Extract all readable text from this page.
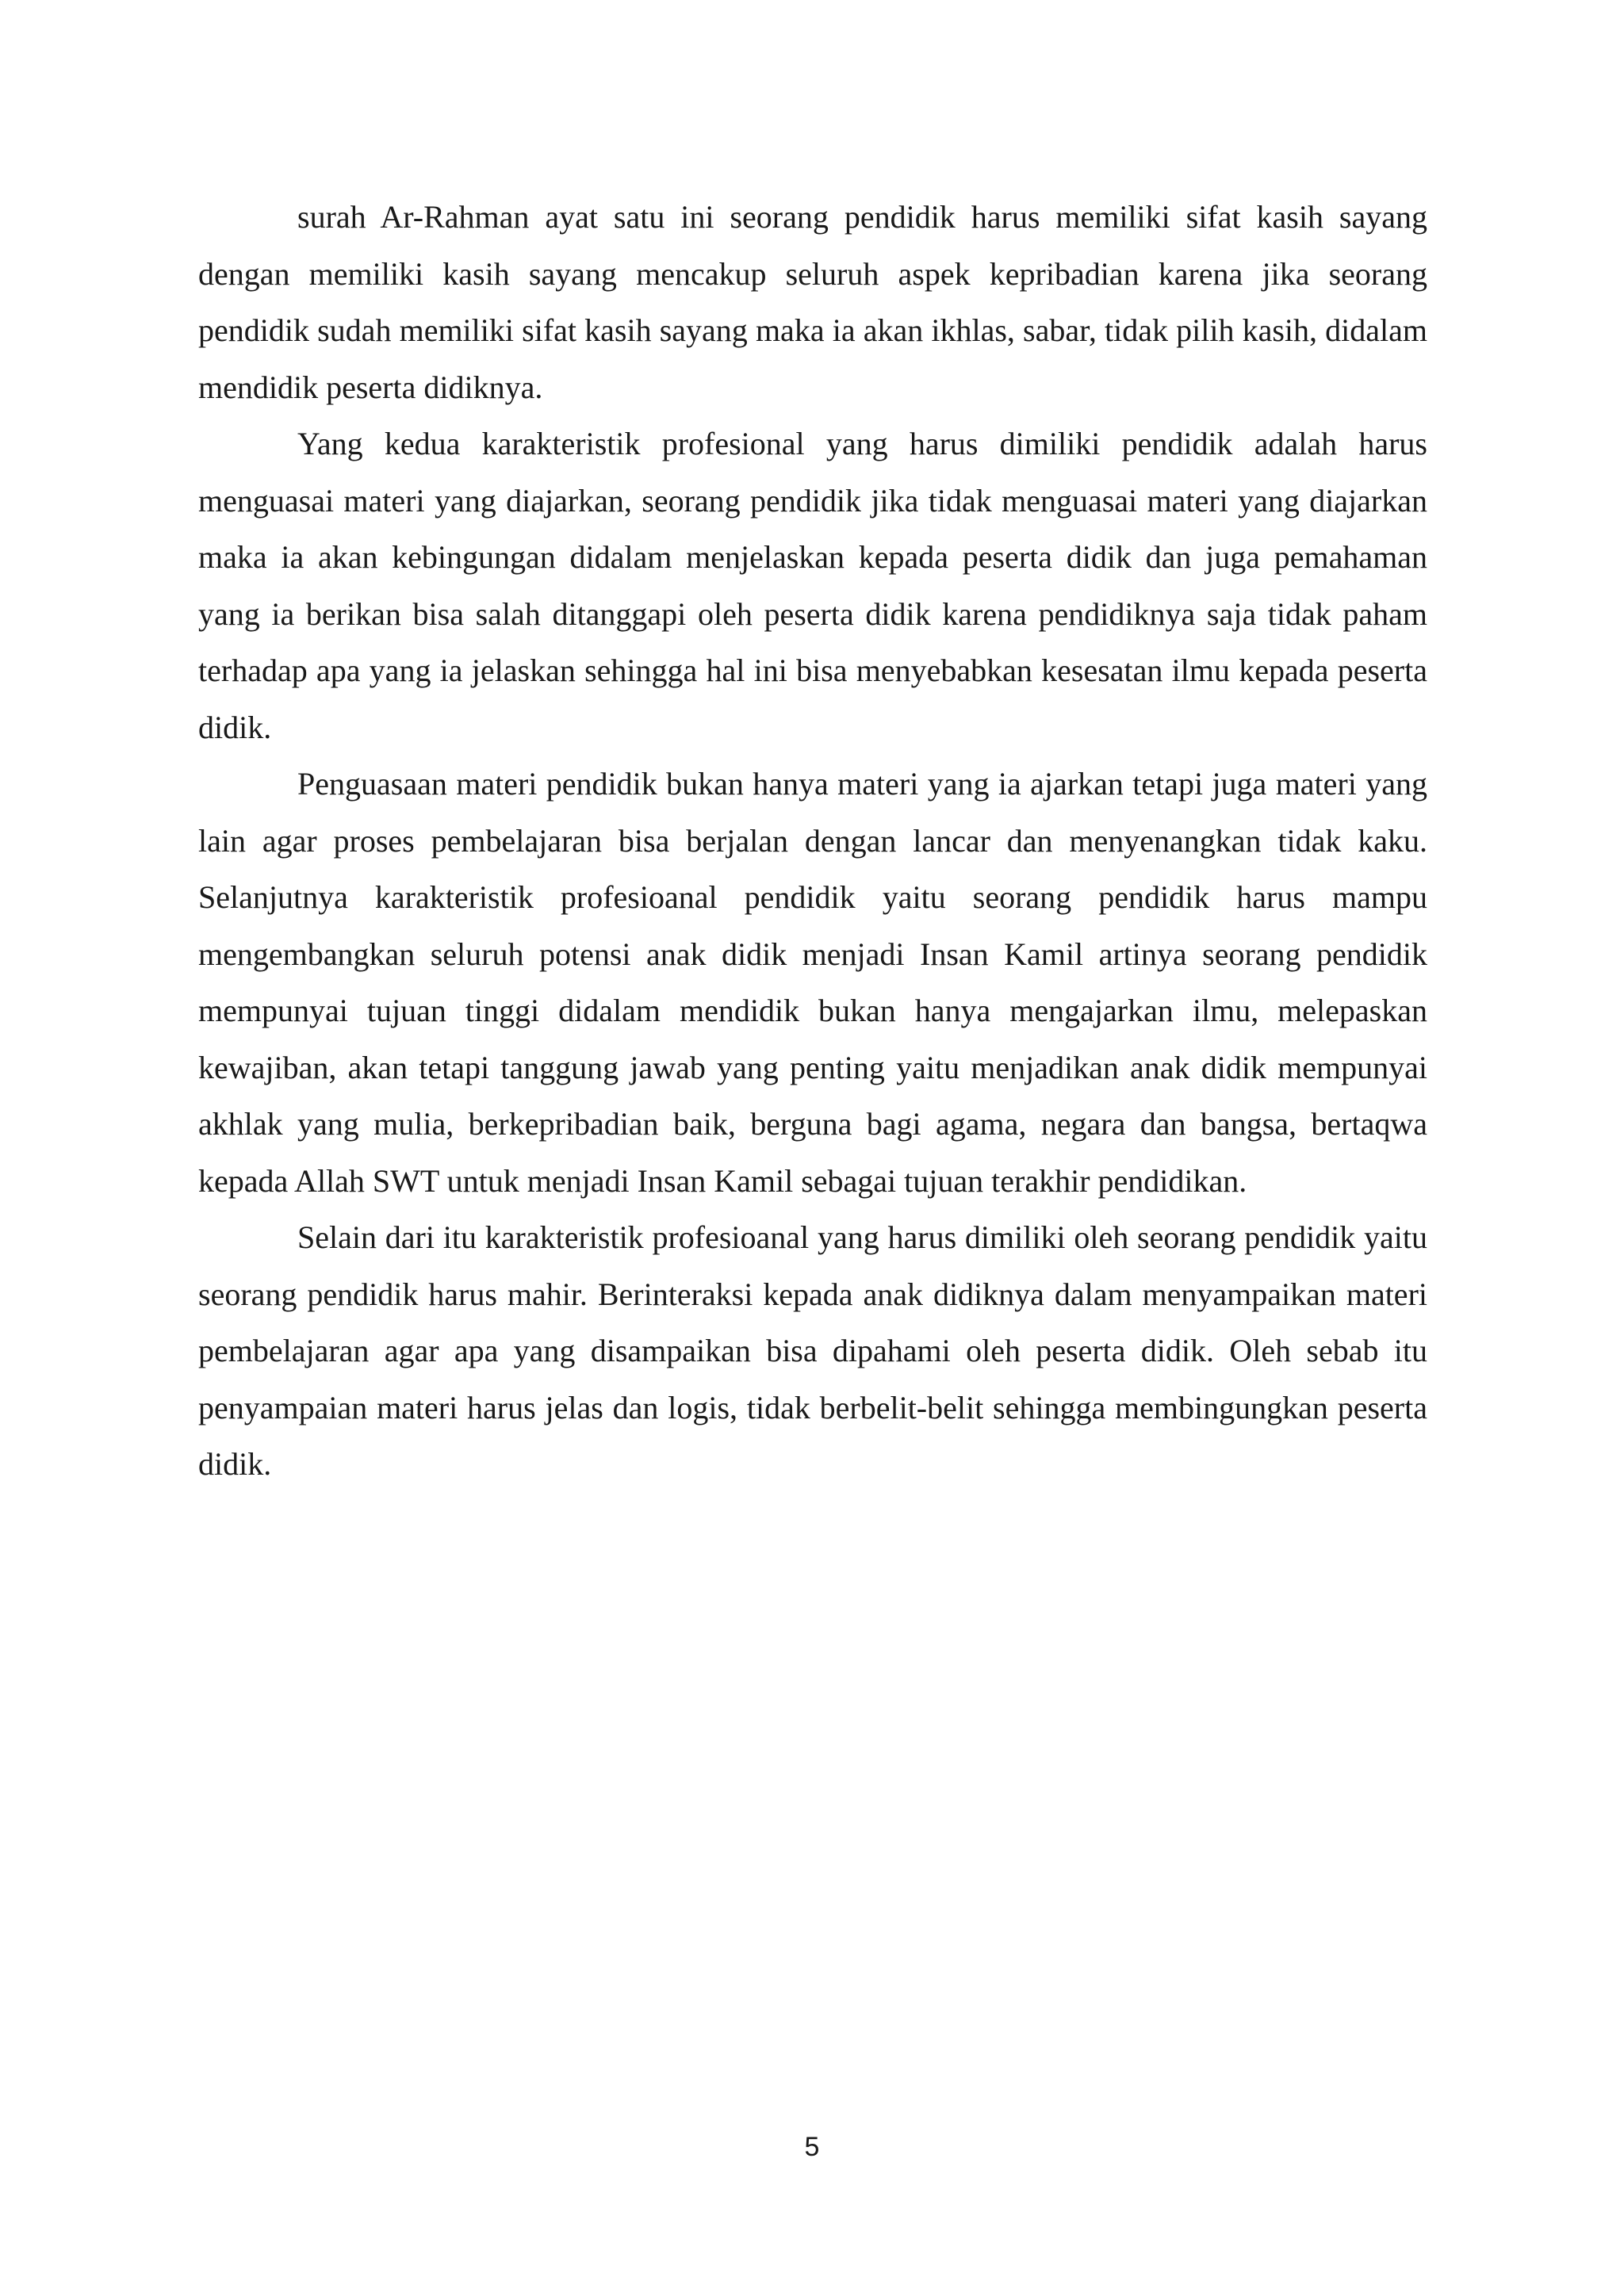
surah Ar-Rahman ayat satu ini seorang pendidik harus memiliki sifat kasih sayang dengan memiliki kasih sayang mencakup seluruh aspek kepribadian karena jika seorang pendidik sudah memiliki sifat kasih sayang maka ia akan ikhlas, sabar, tidak pilih kasih, didalam mendidik peserta didiknya.

Yang kedua karakteristik profesional yang harus dimiliki pendidik adalah harus menguasai materi yang diajarkan, seorang pendidik jika tidak menguasai materi yang diajarkan maka ia akan kebingungan didalam menjelaskan kepada peserta didik dan juga pemahaman yang ia berikan bisa salah ditanggapi oleh peserta didik karena pendidiknya saja tidak paham terhadap apa yang ia jelaskan sehingga hal ini bisa menyebabkan kesesatan ilmu kepada peserta didik.

Penguasaan materi pendidik bukan hanya materi yang ia ajarkan tetapi juga materi yang lain agar proses pembelajaran bisa berjalan dengan lancar dan menyenangkan tidak kaku. Selanjutnya karakteristik profesioanal pendidik yaitu seorang pendidik harus mampu mengembangkan seluruh potensi anak didik menjadi Insan Kamil artinya seorang pendidik mempunyai tujuan tinggi didalam mendidik bukan hanya mengajarkan ilmu, melepaskan kewajiban, akan tetapi tanggung jawab yang penting yaitu menjadikan anak didik mempunyai akhlak yang mulia, berkepribadian baik, berguna bagi agama, negara dan bangsa, bertaqwa kepada Allah SWT untuk menjadi Insan Kamil sebagai tujuan terakhir pendidikan.

Selain dari itu karakteristik profesioanal yang harus dimiliki oleh seorang pendidik yaitu seorang pendidik harus mahir. Berinteraksi kepada anak didiknya dalam menyampaikan materi pembelajaran agar apa yang disampaikan bisa dipahami oleh peserta didik. Oleh sebab itu penyampaian materi harus jelas dan logis, tidak berbelit-belit sehingga membingungkan peserta didik.

5
